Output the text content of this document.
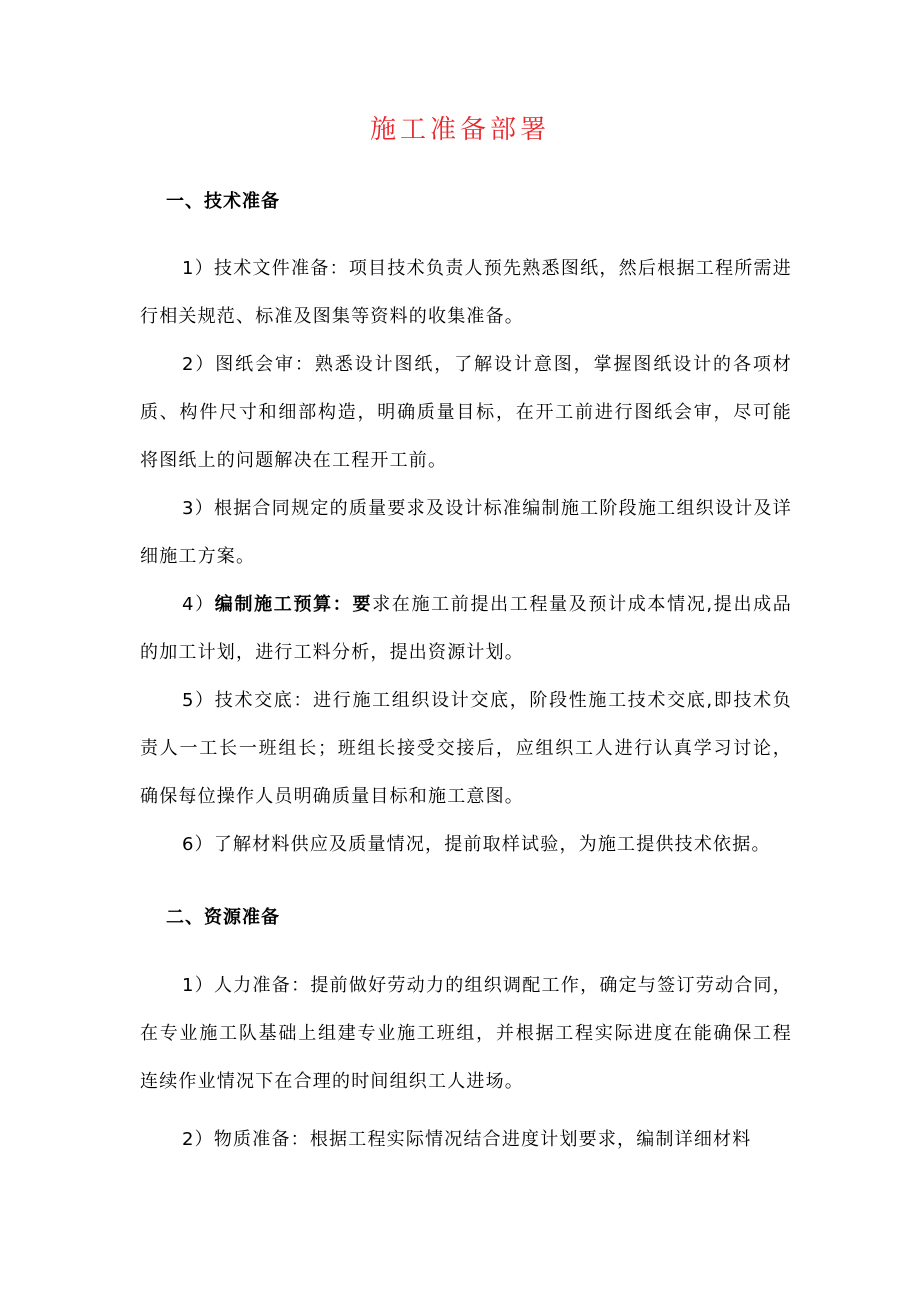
施工准备部署
一、技术准备

1）技术文件准备：项目技术负责人预先熟悉图纸，然后根据工程所需进行相关规范、标准及图集等资料的收集准备。

2）图纸会审：熟悉设计图纸，了解设计意图，掌握图纸设计的各项材质、构件尺寸和细部构造，明确质量目标，在开工前进行图纸会审，尽可能将图纸上的问题解决在工程开工前。

3）根据合同规定的质量要求及设计标准编制施工阶段施工组织设计及详细施工方案。

4）编制施工预算：要求在施工前提出工程量及预计成本情况,提出成品的加工计划，进行工料分析，提出资源计划。

5）技术交底：进行施工组织设计交底，阶段性施工技术交底,即技术负责人一工长一班组长；班组长接受交接后，应组织工人进行认真学习讨论，确保每位操作人员明确质量目标和施工意图。

6）了解材料供应及质量情况，提前取样试验，为施工提供技术依据。

二、资源准备

1）人力准备：提前做好劳动力的组织调配工作，确定与签订劳动合同，在专业施工队基础上组建专业施工班组，并根据工程实际进度在能确保工程连续作业情况下在合理的时间组织工人进场。

2）物质准备：根据工程实际情况结合进度计划要求，编制详细材料
